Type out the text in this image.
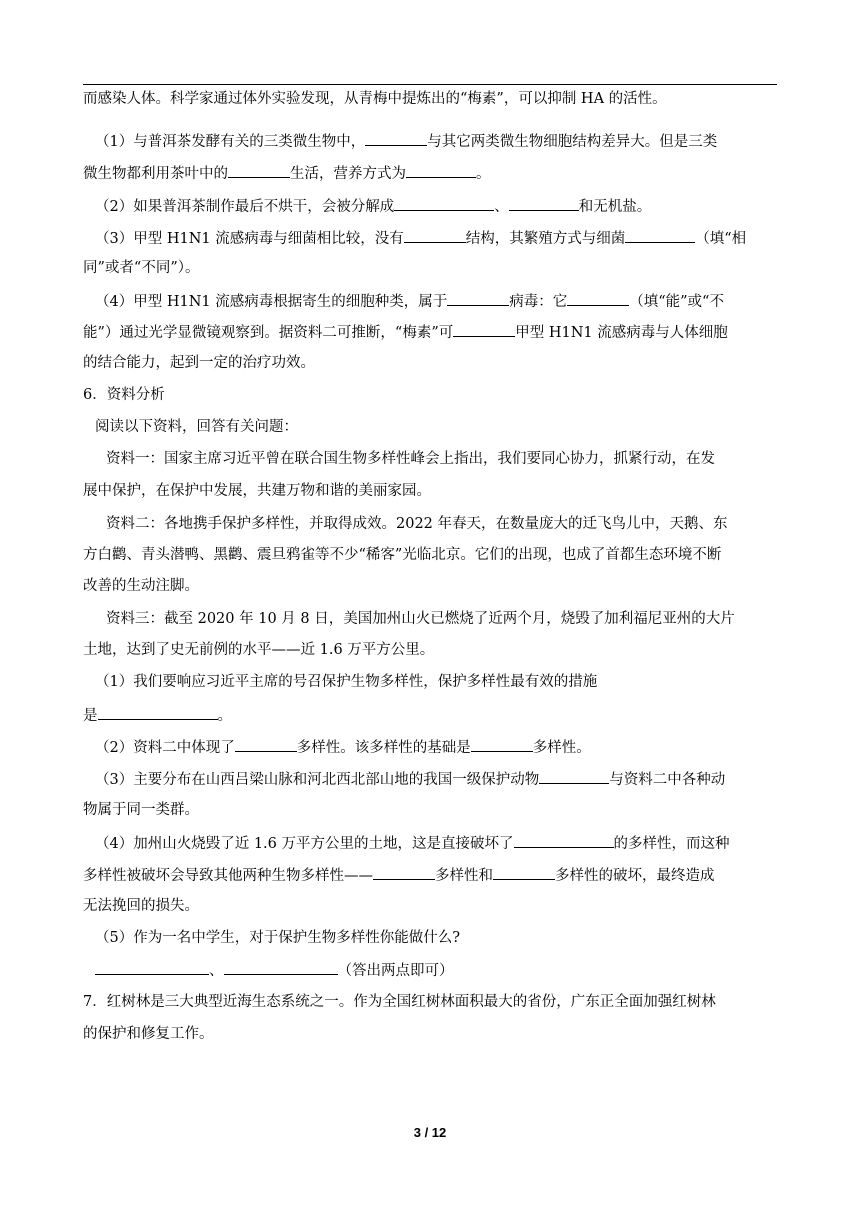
而感染人体。科学家通过体外实验发现，从青梅中提炼出的“梅素”，可以抑制 HA 的活性。
（1）与普洱茶发酵有关的三类微生物中，	与其它两类微生物细胞结构差异大。但是三类
微生物都利用茶叶中的	生活，营养方式为	。
（2）如果普洱茶制作最后不烘干，会被分解成	、	和无机盐。
（3）甲型 H1N1 流感病毒与细菌相比较，没有	结构，其繁殖方式与细菌	（填“相
同”或者“不同”）。
（4）甲型 H1N1 流感病毒根据寄生的细胞种类，属于	病毒：它	（填“能”或“不
能”）通过光学显微镜观察到。据资料二可推断，“梅素”可	甲型 H1N1 流感病毒与人体细胞
的结合能力，起到一定的治疗功效。
6．资料分析
阅读以下资料，回答有关问题：
资料一：国家主席习近平曾在联合国生物多样性峰会上指出，我们要同心协力，抓紧行动，在发
展中保护，在保护中发展，共建万物和谐的美丽家园。
资料二：各地携手保护多样性，并取得成效。2022 年春天，在数量庞大的迁飞鸟儿中，天鹅、东
方白鹳、青头潜鸭、黑鹳、震旦鸦雀等不少“稀客”光临北京。它们的出现，也成了首都生态环境不断
改善的生动注脚。
资料三：截至 2020 年 10 月 8 日，美国加州山火已燃烧了近两个月，烧毁了加利福尼亚州的大片
土地，达到了史无前例的水平——近 1.6 万平方公里。
（1）我们要响应习近平主席的号召保护生物多样性，保护多样性最有效的措施
是	。
（2）资料二中体现了	多样性。该多样性的基础是	多样性。
（3）主要分布在山西吕梁山脉和河北西北部山地的我国一级保护动物	与资料二中各种动
物属于同一类群。
（4）加州山火烧毁了近 1.6 万平方公里的土地，这是直接破坏了	的多样性，而这种
多样性被破坏会导致其他两种生物多样性——	多样性和	多样性的破坏，最终造成
无法挽回的损失。
（5）作为一名中学生，对于保护生物多样性你能做什么?
、	（答出两点即可）
7．红树林是三大典型近海生态系统之一。作为全国红树林面积最大的省份，广东正全面加强红树林
的保护和修复工作。
3 / 12
